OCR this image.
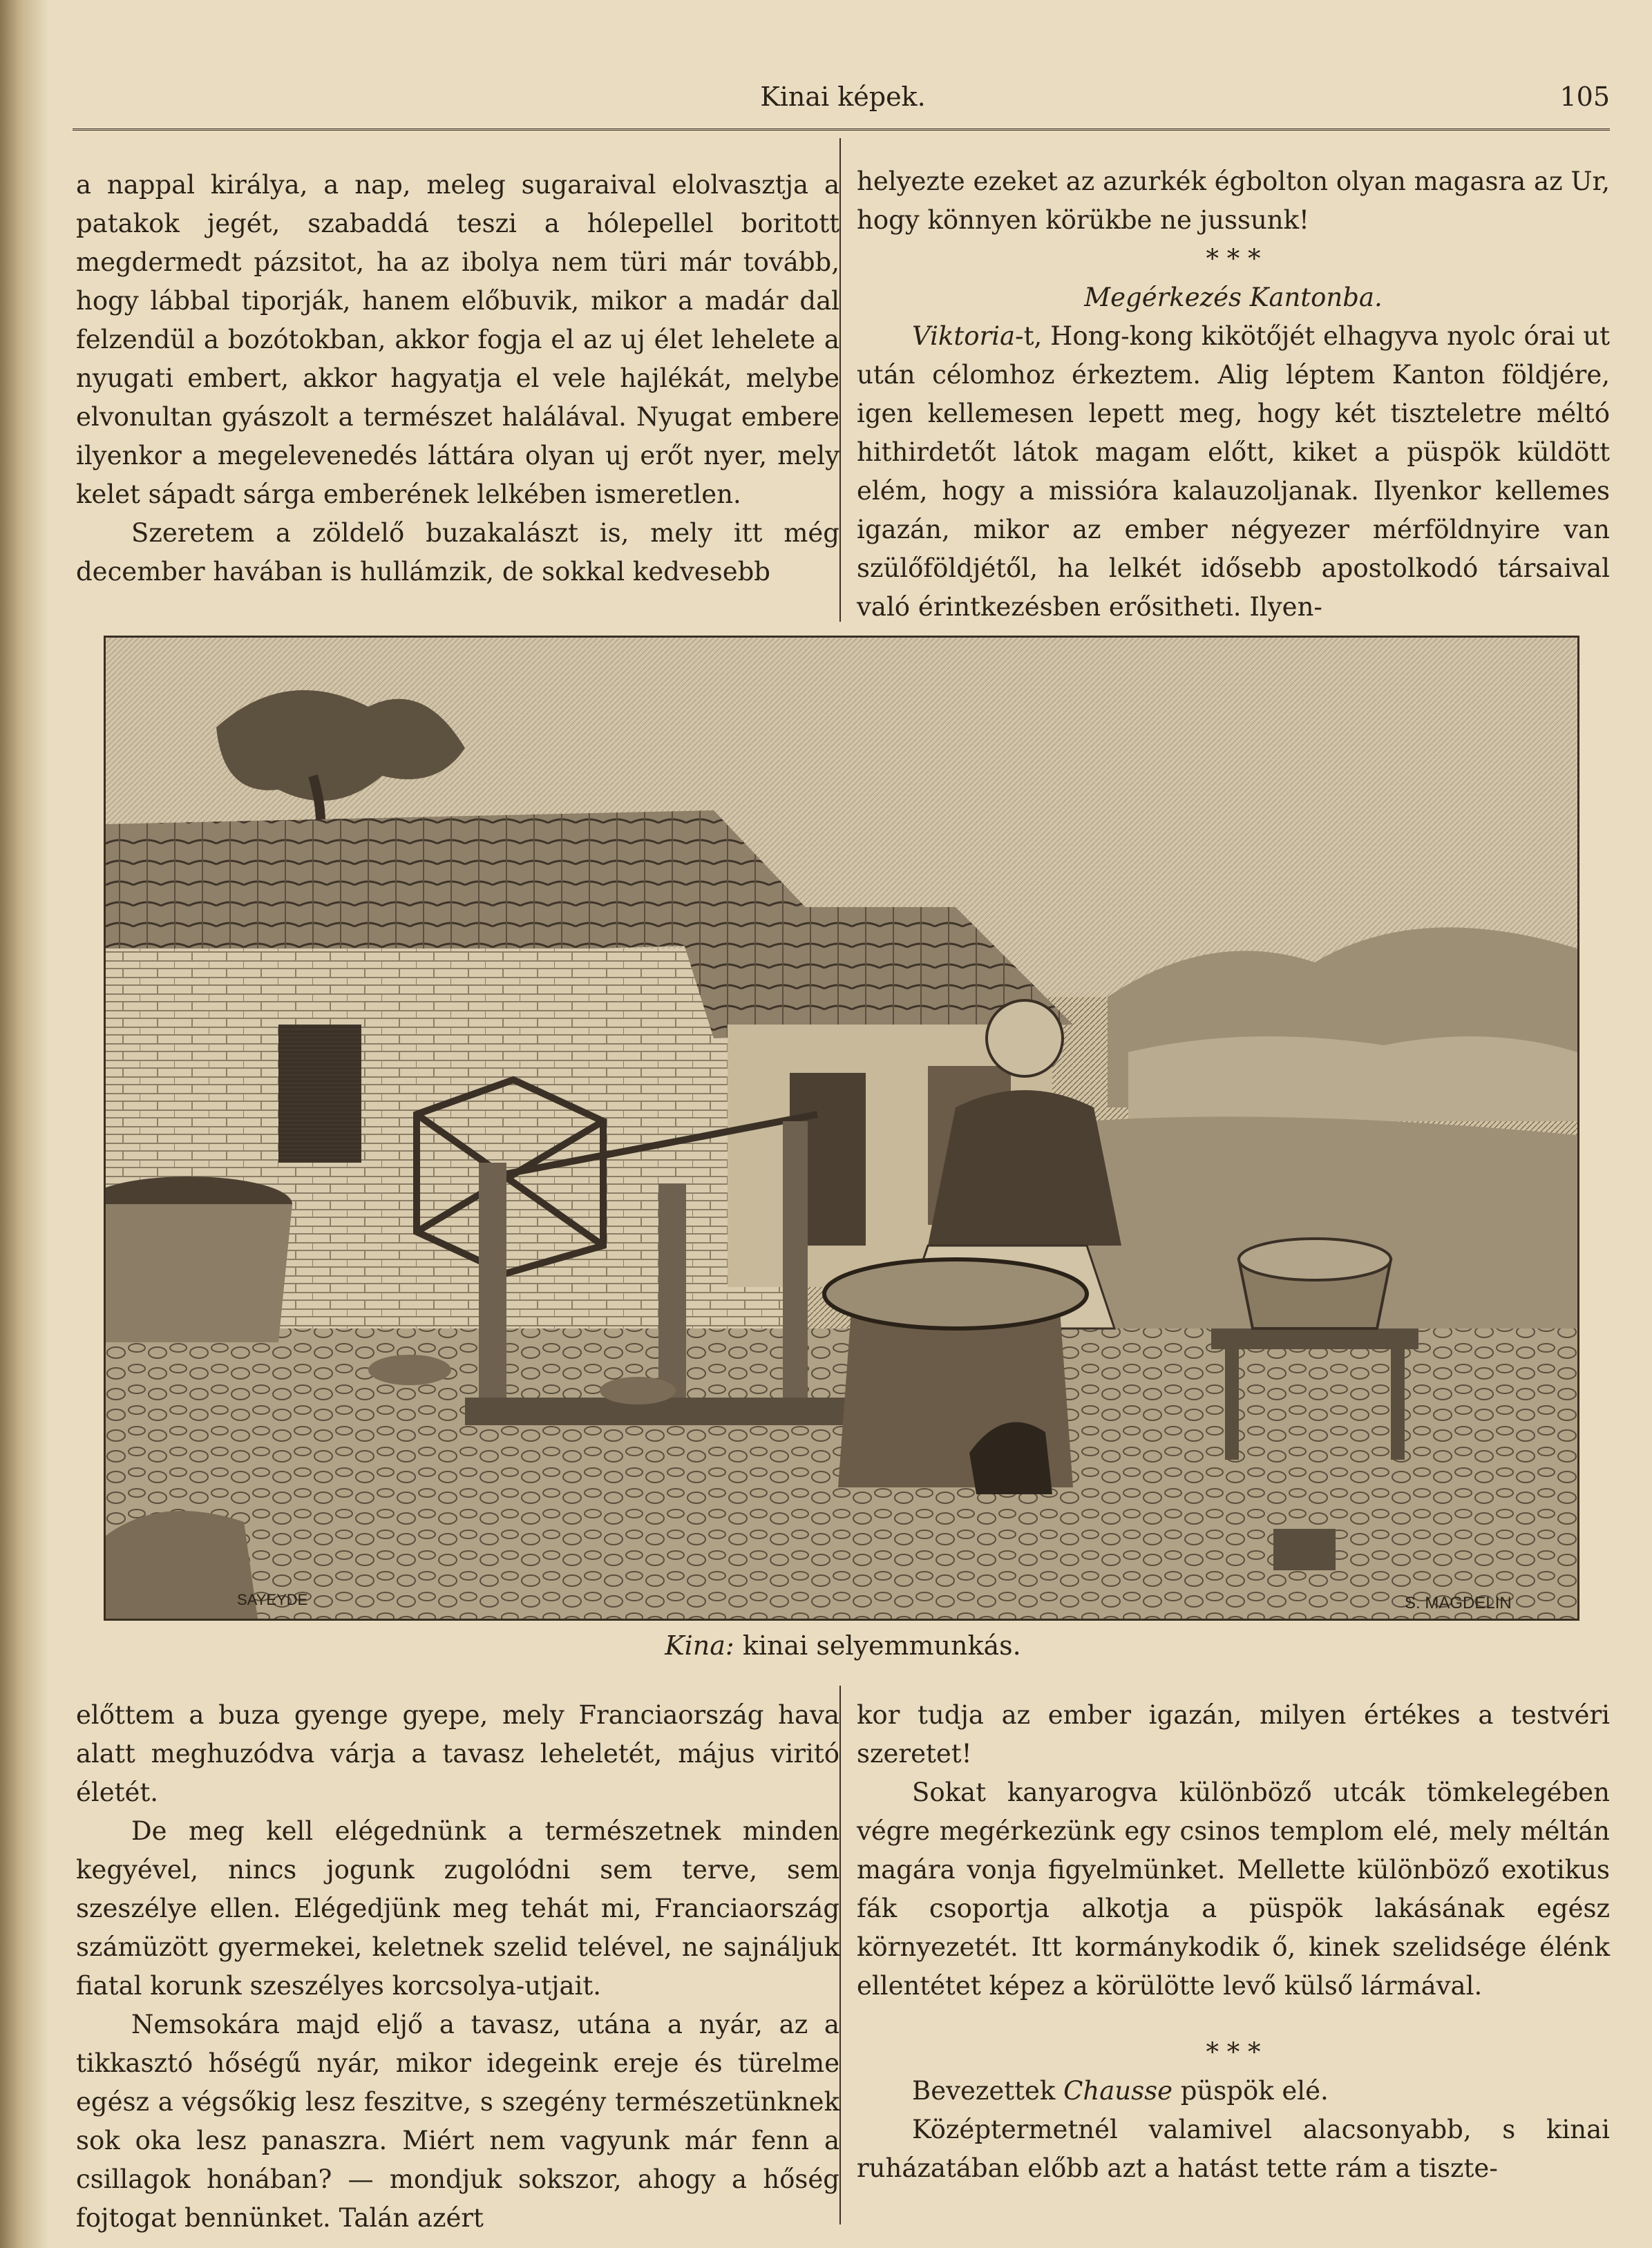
Kinai képek.	105

a nappal királya, a nap, meleg sugaraival elolvasztja a patakok jegét, szabaddá teszi a hólepellel boritott megdermedt pázsitot, ha az ibolya nem türi már tovább, hogy lábbal tiporják, hanem előbuvik, mikor a madár dal felzendül a bozótokban, akkor fogja el az uj élet lehelete a nyugati embert, akkor hagyatja el vele hajlékát, melybe elvonultan gyászolt a természet halálával. Nyugat embere ilyenkor a megelevenedés láttára olyan uj erőt nyer, mely kelet sápadt sárga emberének lelkében ismeretlen.

Szeretem a zöldelő buzakalászt is, mely itt még december havában is hullámzik, de sokkal kedvesebb

helyezte ezeket az azurkék égbolton olyan magasra az Ur, hogy könnyen körükbe ne jussunk!

* * *

Megérkezés Kantonba.

Viktoria-t, Hong-kong kikötőjét elhagyva nyolc órai ut után célomhoz érkeztem. Alig léptem Kanton földjére, igen kellemesen lepett meg, hogy két tiszteletre méltó hithirdetőt látok magam előtt, kiket a püspök küldött elém, hogy a missióra kalauzoljanak. Ilyenkor kellemes igazán, mikor az ember négyezer mérföldnyire van szülőföldjétől, ha lelkét idősebb apostolkodó társaival való érintkezésben erősitheti. Ilyen-

SAYEYDE	S. MAGDELIN
Kina: kinai selyemmunkás.

előttem a buza gyenge gyepe, mely Franciaország hava alatt meghuzódva várja a tavasz leheletét, május viritó életét.

De meg kell elégednünk a természetnek minden kegyével, nincs jogunk zugolódni sem terve, sem szeszélye ellen. Elégedjünk meg tehát mi, Franciaország számüzött gyermekei, keletnek szelid telével, ne sajnáljuk fiatal korunk szeszélyes korcsolya-utjait.

Nemsokára majd eljő a tavasz, utána a nyár, az a tikkasztó hőségű nyár, mikor idegeink ereje és türelme egész a végsőkig lesz feszitve, s szegény természetünknek sok oka lesz panaszra. Miért nem vagyunk már fenn a csillagok honában? — mondjuk sokszor, ahogy a hőség fojtogat bennünket. Talán azért

kor tudja az ember igazán, milyen értékes a testvéri szeretet!

Sokat kanyarogva különböző utcák tömkelegében végre megérkezünk egy csinos templom elé, mely méltán magára vonja figyelmünket. Mellette különböző exotikus fák csoportja alkotja a püspök lakásának egész környezetét. Itt kormánykodik ő, kinek szelidsége élénk ellentétet képez a körülötte levő külső lármával.

* * *

Bevezettek Chausse püspök elé.

Középtermetnél valamivel alacsonyabb, s kinai ruházatában előbb azt a hatást tette rám a tiszte-
